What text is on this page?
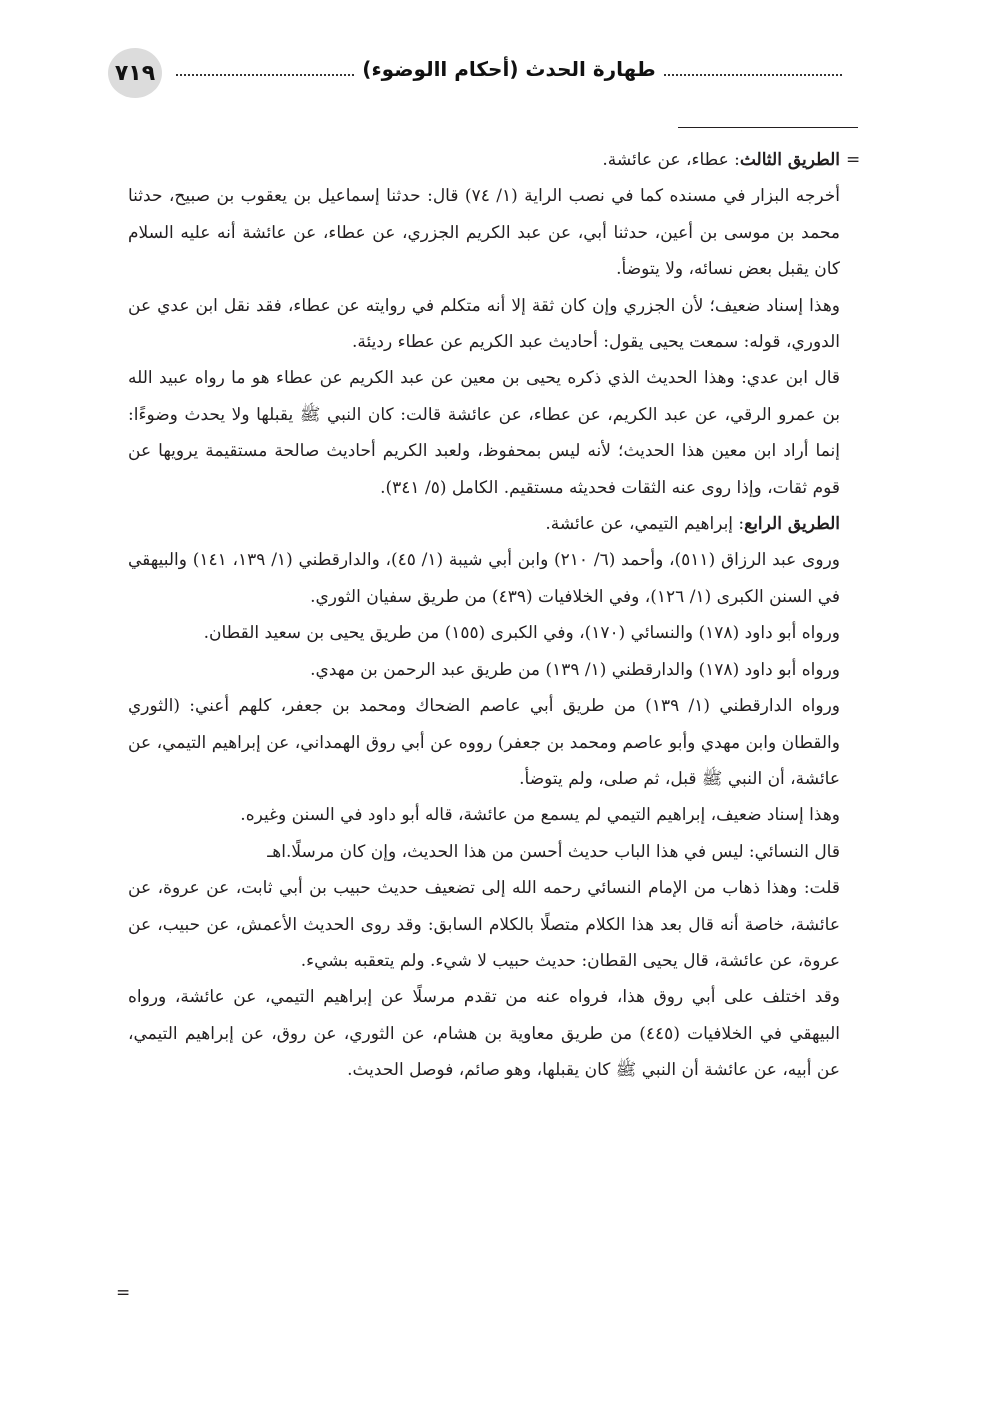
٧١٩	طهارة الحدث (أحكام االوضوء)
=

الطريق الثالث: عطاء، عن عائشة.

أخرجه البزار في مسنده كما في نصب الراية (١/ ٧٤) قال: حدثنا إسماعيل بن يعقوب بن صبيح، حدثنا محمد بن موسى بن أعين، حدثنا أبي، عن عبد الكريم الجزري، عن عطاء، عن عائشة أنه عليه السلام كان يقبل بعض نسائه، ولا يتوضأ.

وهذا إسناد ضعيف؛ لأن الجزري وإن كان ثقة إلا أنه متكلم في روايته عن عطاء، فقد نقل ابن عدي عن الدوري، قوله: سمعت يحيى يقول: أحاديث عبد الكريم عن عطاء رديئة.

قال ابن عدي: وهذا الحديث الذي ذكره يحيى بن معين عن عبد الكريم عن عطاء هو ما رواه عبيد الله بن عمرو الرقي، عن عبد الكريم، عن عطاء، عن عائشة قالت: كان النبي ﷺ يقبلها ولا يحدث وضوءًا: إنما أراد ابن معين هذا الحديث؛ لأنه ليس بمحفوظ، ولعبد الكريم أحاديث صالحة مستقيمة يرويها عن قوم ثقات، وإذا روى عنه الثقات فحديثه مستقيم. الكامل (٥/ ٣٤١).

الطريق الرابع: إبراهيم التيمي، عن عائشة.

وروى عبد الرزاق (٥١١)، وأحمد (٦/ ٢١٠) وابن أبي شيبة (١/ ٤٥)، والدارقطني (١/ ١٣٩، ١٤١) والبيهقي في السنن الكبرى (١/ ١٢٦)، وفي الخلافيات (٤٣٩) من طريق سفيان الثوري.

ورواه أبو داود (١٧٨) والنسائي (١٧٠)، وفي الكبرى (١٥٥) من طريق يحيى بن سعيد القطان.

ورواه أبو داود (١٧٨) والدارقطني (١/ ١٣٩) من طريق عبد الرحمن بن مهدي.

ورواه الدارقطني (١/ ١٣٩) من طريق أبي عاصم الضحاك ومحمد بن جعفر، كلهم أعني: (الثوري والقطان وابن مهدي وأبو عاصم ومحمد بن جعفر) رووه عن أبي روق الهمداني، عن إبراهيم التيمي، عن عائشة، أن النبي ﷺ قبل، ثم صلى، ولم يتوضأ.

وهذا إسناد ضعيف، إبراهيم التيمي لم يسمع من عائشة، قاله أبو داود في السنن وغيره.

قال النسائي: ليس في هذا الباب حديث أحسن من هذا الحديث، وإن كان مرسلًا.اهـ

قلت: وهذا ذهاب من الإمام النسائي رحمه الله إلى تضعيف حديث حبيب بن أبي ثابت، عن عروة، عن عائشة، خاصة أنه قال بعد هذا الكلام متصلًا بالكلام السابق: وقد روى الحديث الأعمش، عن حبيب، عن عروة، عن عائشة، قال يحيى القطان: حديث حبيب لا شيء. ولم يتعقبه بشيء.

وقد اختلف على أبي روق هذا، فرواه عنه من تقدم مرسلًا عن إبراهيم التيمي، عن عائشة، ورواه البيهقي في الخلافيات (٤٤٥) من طريق معاوية بن هشام، عن الثوري، عن روق، عن إبراهيم التيمي، عن أبيه، عن عائشة أن النبي ﷺ كان يقبلها، وهو صائم، فوصل الحديث.

=
